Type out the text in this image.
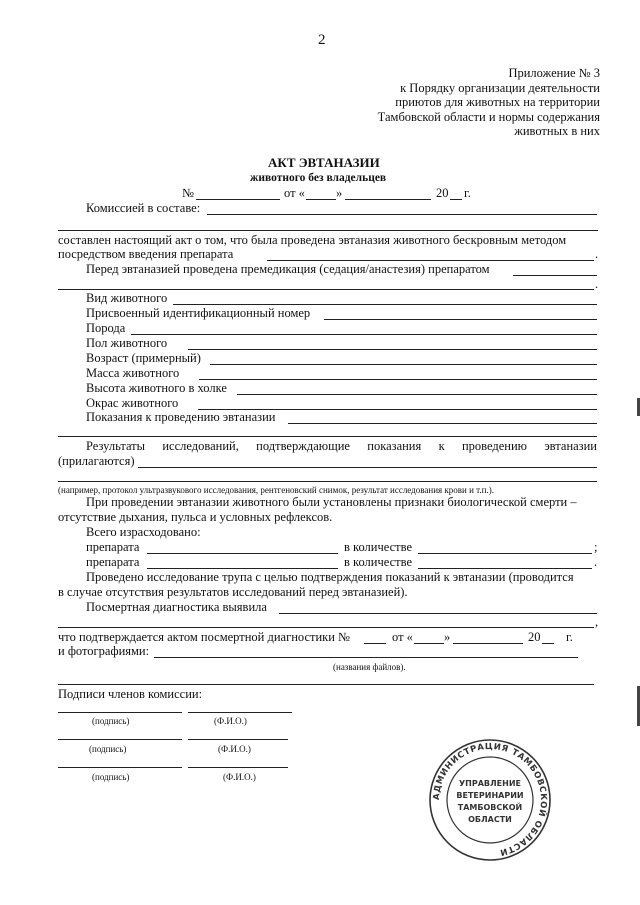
2
Приложение № 3
к Порядку организации деятельности
приютов для животных на территории
Тамбовской области и нормы содержания
животных в них
АКТ ЭВТАНАЗИИ
животного без владельцев
№	от « »	20 г.
Комиссией в составе:
составлен настоящий акт о том, что была проведена эвтаназия животного бескровным методом
посредством введения препарата	.
Перед эвтаназией проведена премедикация (седация/анастезия) препаратом
.
Вид животного
Присвоенный идентификационный номер
Порода
Пол животного
Возраст (примерный)
Масса животного
Высота животного в холке
Окрас животного
Показания к проведению эвтаназии
Результаты исследований, подтверждающие показания к проведению эвтаназии
(прилагаются)
(например, протокол ультразвукового исследования, рентгеновский снимок, результат исследования крови и т.п.).
При проведении эвтаназии животного были установлены признаки биологической смерти –
отсутствие дыхания, пульса и условных рефлексов.
Всего израсходовано:
препарата	в количестве	;
препарата	в количестве	.
Проведено исследование трупа с целью подтверждения показаний к эвтаназии (проводится
в случае отсутствия результатов исследований перед эвтаназией).
Посмертная диагностика выявила
,
что подтверждается актом посмертной диагностики №	от « »	20 г.
и фотографиями:
(названия файлов).
Подписи членов комиссии:
(подпись)	(Ф.И.О.)
(подпись)	(Ф.И.О.)
(подпись)	(Ф.И.О.)
АДМИНИСТРАЦИЯ ТАМБОВСКОЙ ОБЛАСТИ
УПРАВЛЕНИЕ
ВЕТЕРИНАРИИ
ТАМБОВСКОЙ
ОБЛАСТИ
